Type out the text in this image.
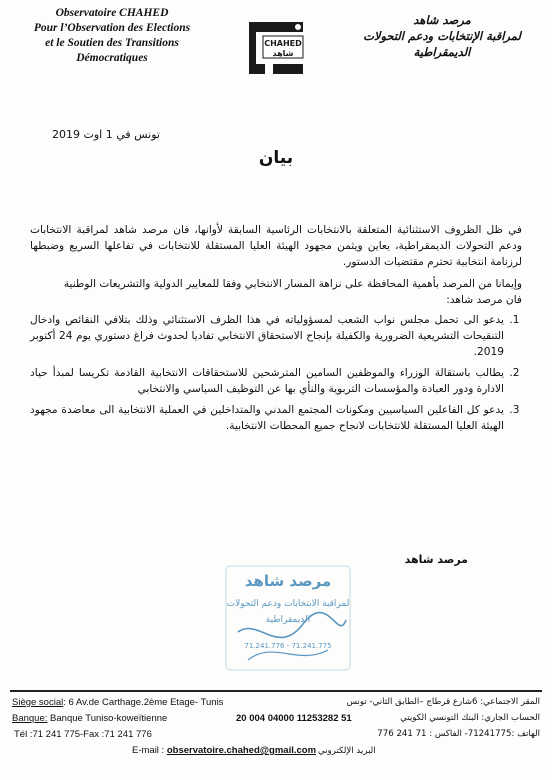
Observatoire CHAHED
Pour l’Observation des Elections
et le Soutien des Transitions
Démocratiques
CHAHED
شاهد
مرصد شاهد
لمراقبة الإنتخابات ودعم التحولات
الديمقراطية
تونس في 1 اوت 2019
بيان

في ظل الظروف الاستثنائية المتعلقة بالانتخابات الرئاسية السابقة لأوانها، فان مرصد شاهد لمراقبة الانتخابات ودعم التحولات الديمقراطية، يعاين ويثمن مجهود الهيئة العليا المستقلة للانتخابات في تفاعلها السريع وضبطها لرزنامة انتخابية تحترم مقتضيات الدستور.

وإيمانا من المرصد بأهمية المحافظة على نزاهة المسار الانتخابي وفقا للمعايير الدولية والتشريعات الوطنية

فان مرصد شاهد:

1. يدعو الى تحمل مجلس نواب الشعب لمسؤولياته في هذا الظرف الاستثنائي وذلك بتلافي النقائص وادخال التنقيحات التشريعية الضرورية والكفيلة بإنجاح الاستحقاق الانتخابي تفاديا لحدوث فراغ دستوري يوم 24 أكتوبر 2019.
2. يطالب باستقالة الوزراء والموظفين السامين المترشحين للاستحقاقات الانتخابية القادمة تكريسا لمبدأ حياد الادارة ودور العبادة والمؤسسات التربوية والنأي بها عن التوظيف السياسي والانتخابي
3. يدعو كل الفاعلين السياسيين ومكونات المجتمع المدني والمتداخلين في العملية الانتخابية الى معاضدة مجهود الهيئة العليا المستقلة للانتخابات لانجاح جميع المحطات الانتخابية.
مرصد شاهد
مرصد شاهد
لمراقبة الانتخابات ودعم التحولات
الديمقراطية
71.241.776 - 71.241.775
Siège social: 6 Av.de Carthage.2ème Etage- Tunis
Banque: Banque Tuniso-koweïtienne
Tél :71 241 775-Fax :71 241 776
20 004 04000 11253282 51
E-mail : observatoire.chahed@gmail.com
المقر الاجتماعي: 6شارع قرطاج –الطابق الثاني- تونس
الحساب الجاري: البنك التونسي الكويتي
الهاتف :71241775- الفاكس : 71 241 776
البريد الإلكتروني
